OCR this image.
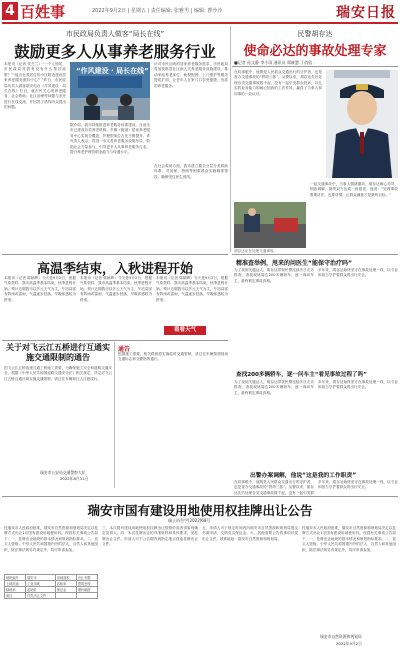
4 百姓事	2022年9月2日 | 星期五 | 责任编辑: 张雅男 | 编辑: 曹沙沙	瑞安日报
市民政局负责人做客“局长在线”
鼓励更多人从事养老服务行业
本报讯（记者 张芝兰）“一个人独居，市民政局对我有没有什么帮扶政策？”“能否在我居住的小区附近建设居家养老服务照料中心？”昨日，市民政局负责人做客瑞安电台《作风建设 · 局长在线》栏目，就市民关心的养老服务、社会救助、社区治理等问题与市民进行在线交流，并回答了热线听众提出的问题。
“作风建设 · 局长在线”
据介绍，我市持续推进养老服务体系建设，目前全市已建成各类养老机构，乡镇（街道）居家养老服务中心实现全覆盖，护理型床位占比不断提升。该负责人表示，将进一步完善养老服务设施布局，鼓励社会力量参与，引导更多人从事养老服务行业，提升养老护理员职业能力与待遇水平。
针对市民反映的居家养老服务需求，市民政局将加快推进社区嵌入式养老服务设施建设，推动家庭养老床位、助餐配餐、上门照护等服务提质扩面，让老年人在家门口享受便捷、优质的养老服务。
在社会救助方面，我市建立健全分层分类救助体系，对低保、特困等困难群众实施精准帮扶，确保兜住民生底线。
民警胡存达
使命必达的事故处理专家
■记者 孙文静 李小雨 通讯员 郑筱慧 丁俏依
在同事眼中，他既是人民群众交通出行的守护者，也是查办交通事故的“拼命三郎”。从警以来，胡存达先后处理各类交通事故数千起，没有一起引发群众投诉，以扎实的业务能力和耐心细致的工作作风，赢得了当事人和同事的一致认可。
胡存达正在处理交通事故。
一起交通事故中，当事人情绪激动，胡存达耐心劝导、细致调解，最终双方达成一致意见。他说：“处理事故既要讲法，也要讲情，让群众满意才是最终目标。”
精准查举例，甩来的问医生“能保守治疗吗”
为了找到关键证人，胡存达带领民警连续多日走访排查，查找现场周边200多辆轿车，逐一询问车主，最终锁定事故真相。
多年来，胡存达始终坚守在事故处理一线，以专业和担当守护着群众的出行安全。
查找200多辆轿车，逐一问车主“看见事故过程了吗”
为了找到关键证人，胡存达带领民警连续多日走访排查，查找现场周边200多辆轿车，逐一询问车主，最终锁定事故真相。
多年来，胡存达始终坚守在事故处理一线，以专业和担当守护着群众的出行安全。
出警办案调解，他说“这是我的工作职责”
在同事眼中，他既是人民群众交通出行的守护者，也是查办交通事故的“拼命三郎”。从警以来，胡存达先后处理各类交通事故数千起，没有一起引发群
多年来，胡存达始终坚守在事故处理一线，以专业和担当守护着群众的出行安全。
高温季结束，入秋进程开始
本报讯（记者 陈朝晖）今天是9月2日，根据气象资料，我市高温季基本结束，秋季进程开始。预计近期我市以多云天气为主，午后局部有阵雨或雷雨，气温逐步回落，早晚体感较为舒适。
本报讯（记者 陈朝晖）今天是9月2日，根据气象资料，我市高温季基本结束，秋季进程开始。预计近期我市以多云天气为主，午后局部有阵雨或雷雨，气温逐步回落，早晚体感较为舒适。
本报讯（记者 陈朝晖）今天是9月2日，根据气象资料，我市高温季基本结束，秋季进程开始。预计近期我市以多云天气为主，午后局部有阵雨或雷雨，气温逐步回落，早晚体感较为舒适。
看看天气
关于对飞云江五桥进行互通实施交通限制的通告
因飞云江五桥改建互通工程施工需要，为确保施工安全和道路交通安全，根据《中华人民共和国道路交通安全法》相关规定，决定对飞云江五桥互通区域实施交通限制，请过往车辆和行人注意绕行。
瑞安市公安局交通警察大队
2022年8月31日
通告
根据施工需要，相关路段将实施临时交通管制，请过往车辆按照现场交通标志和交警指挥通行。
瑞安市国有建设用地使用权挂牌出让公告
瑞土资告字[2022]68号
经瑞安市人民政府批准，瑞安市自然资源和规划局决定以挂牌方式出让1宗国有建设用地使用权。现将有关事项公告如下：一、挂牌出让地块的基本情况和规划指标要求。二、竞买人资格。中华人民共和国境内外的法人、自然人和其他组织，除法律法规另有规定外，均可申请参加。
地块编号	瑞安市	用地面积	出让年限
土地用途	工业用地	容积率	建筑密度
绿地率	起始价	保证金	增价幅度
备注	详见出让文件		
三、本次国有建设用地使用权挂牌出让按照价高者得原则确定竞得人。四、本次挂牌出让的详细资料和具体要求，见挂牌出让文件。申请人可于公告期内到指定地点获取挂牌出让文件。
五、申请人可于规定时间内向瑞安市自然资源和规划局提交书面申请，交纳竞买保证金。六、其他需要公告的事项详见出让文件。联系地址：瑞安市自然资源和规划局。
经瑞安市人民政府批准，瑞安市自然资源和规划局决定以挂牌方式出让1宗国有建设用地使用权。现将有关事项公告如下：一、挂牌出让地块的基本情况和规划指标要求。二、竞买人资格。中华人民共和国境内外的法人、自然人和其他组织，除法律法规另有规定外，均可申请参加。
瑞安市自然资源和规划局
2022年9月2日
